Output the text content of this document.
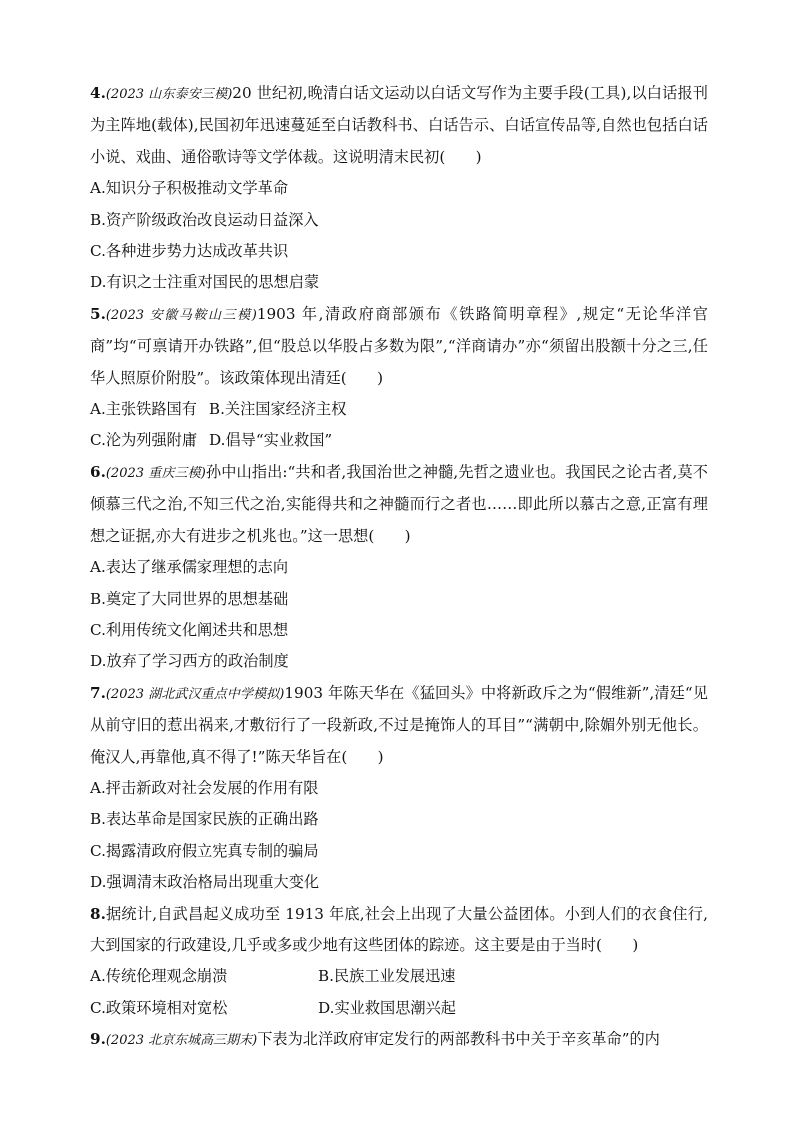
4.(2023 山东泰安三模)20 世纪初,晚清白话文运动以白话文写作为主要手段(工具),以白话报刊为主阵地(载体),民国初年迅速蔓延至白话教科书、白话告示、白话宣传品等,自然也包括白话小说、戏曲、通俗歌诗等文学体裁。这说明清末民初(　　)

A.知识分子积极推动文学革命

B.资产阶级政治改良运动日益深入

C.各种进步势力达成改革共识

D.有识之士注重对国民的思想启蒙

5.(2023 安徽马鞍山三模)1903 年,清政府商部颁布《铁路简明章程》,规定“无论华洋官商”均“可禀请开办铁路”,但“股总以华股占多数为限”,“洋商请办”亦“须留出股额十分之三,任华人照原价附股”。该政策体现出清廷(　　)

A.主张铁路国有 B.关注国家经济主权
C.沦为列强附庸 D.倡导“实业救国”

6.(2023 重庆三模)孙中山指出:“共和者,我国治世之神髓,先哲之遗业也。我国民之论古者,莫不倾慕三代之治,不知三代之治,实能得共和之神髓而行之者也……即此所以慕古之意,正富有理想之证据,亦大有进步之机兆也。”这一思想(　　)

A.表达了继承儒家理想的志向

B.奠定了大同世界的思想基础

C.利用传统文化阐述共和思想

D.放弃了学习西方的政治制度

7.(2023 湖北武汉重点中学模拟)1903 年陈天华在《猛回头》中将新政斥之为“假维新”,清廷“见从前守旧的惹出祸来,才敷衍行了一段新政,不过是掩饰人的耳目”“满朝中,除媚外别无他长。俺汉人,再靠他,真不得了!”陈天华旨在(　　)

A.抨击新政对社会发展的作用有限

B.表达革命是国家民族的正确出路

C.揭露清政府假立宪真专制的骗局

D.强调清末政治格局出现重大变化

8.据统计,自武昌起义成功至 1913 年底,社会上出现了大量公益团体。小到人们的衣食住行,大到国家的行政建设,几乎或多或少地有这些团体的踪迹。这主要是由于当时(　　)

A.传统伦理观念崩溃	B.民族工业发展迅速
C.政策环境相对宽松	D.实业救国思潮兴起

9.(2023 北京东城高三期末)下表为北洋政府审定发行的两部教科书中关于辛亥革命”的内
